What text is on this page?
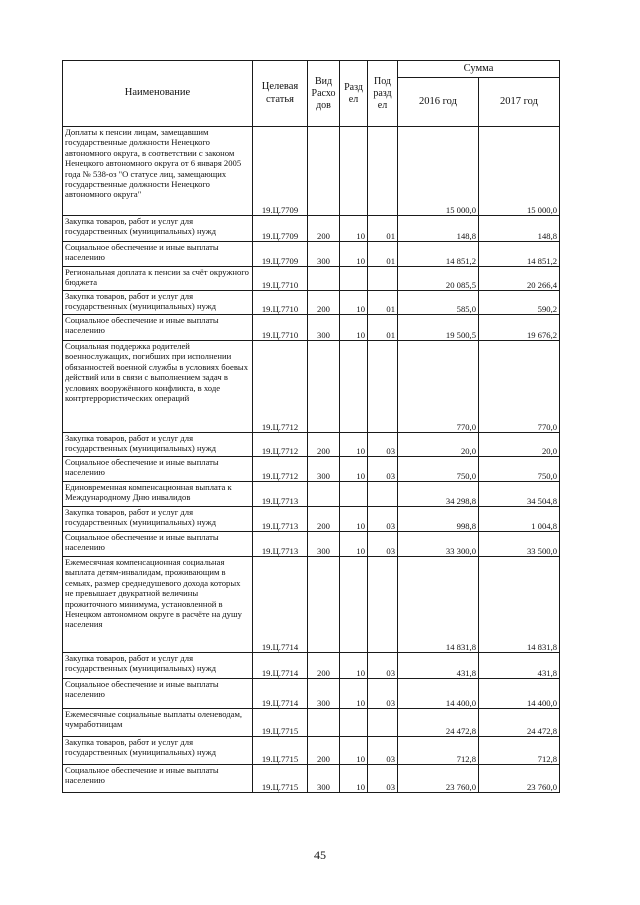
Наименование	Целевая статья	Вид Расхо дов	Разд ел	Под разд ел	Сумма	
					2016 год	2017 год
Доплаты к пенсии лицам, замещавшим государственные должности Ненецкого автономного округа, в соответствии с законом Ненецкого автономного округа от 6 января 2005 года № 538-оз "О статусе лиц, замещающих государственные должности Ненецкого автономного округа"	19.Ц.7709				15 000,0	15 000,0
Закупка товаров, работ и услуг для государственных (муниципальных) нужд	19.Ц.7709	200	10	01	148,8	148,8
Социальное обеспечение и иные выплаты населению	19.Ц.7709	300	10	01	14 851,2	14 851,2
Региональная доплата к пенсии за счёт окружного бюджета	19.Ц.7710				20 085,5	20 266,4
Закупка товаров, работ и услуг для государственных (муниципальных) нужд	19.Ц.7710	200	10	01	585,0	590,2
Социальное обеспечение и иные выплаты населению	19.Ц.7710	300	10	01	19 500,5	19 676,2
Социальная поддержка родителей военнослужащих, погибших при исполнении обязанностей военной службы в условиях боевых действий или в связи с выполнением задач в условиях вооружённого конфликта, в ходе контртеррористических операций	19.Ц.7712				770,0	770,0
Закупка товаров, работ и услуг для государственных (муниципальных) нужд	19.Ц.7712	200	10	03	20,0	20,0
Социальное обеспечение и иные выплаты населению	19.Ц.7712	300	10	03	750,0	750,0
Единовременная компенсационная выплата к Международному Дню инвалидов	19.Ц.7713				34 298,8	34 504,8
Закупка товаров, работ и услуг для государственных (муниципальных) нужд	19.Ц.7713	200	10	03	998,8	1 004,8
Социальное обеспечение и иные выплаты населению	19.Ц.7713	300	10	03	33 300,0	33 500,0
Ежемесячная компенсационная социальная выплата детям-инвалидам, проживающим в семьях, размер среднедушевого дохода которых не превышает двукратной величины прожиточного минимума, установленной в Ненецком автономном округе в расчёте на душу населения	19.Ц.7714				14 831,8	14 831,8
Закупка товаров, работ и услуг для государственных (муниципальных) нужд	19.Ц.7714	200	10	03	431,8	431,8
Социальное обеспечение и иные выплаты населению	19.Ц.7714	300	10	03	14 400,0	14 400,0
Ежемесячные социальные выплаты оленеводам, чумработницам	19.Ц.7715				24 472,8	24 472,8
Закупка товаров, работ и услуг для государственных (муниципальных) нужд	19.Ц.7715	200	10	03	712,8	712,8
Социальное обеспечение и иные выплаты населению	19.Ц.7715	300	10	03	23 760,0	23 760,0
45
